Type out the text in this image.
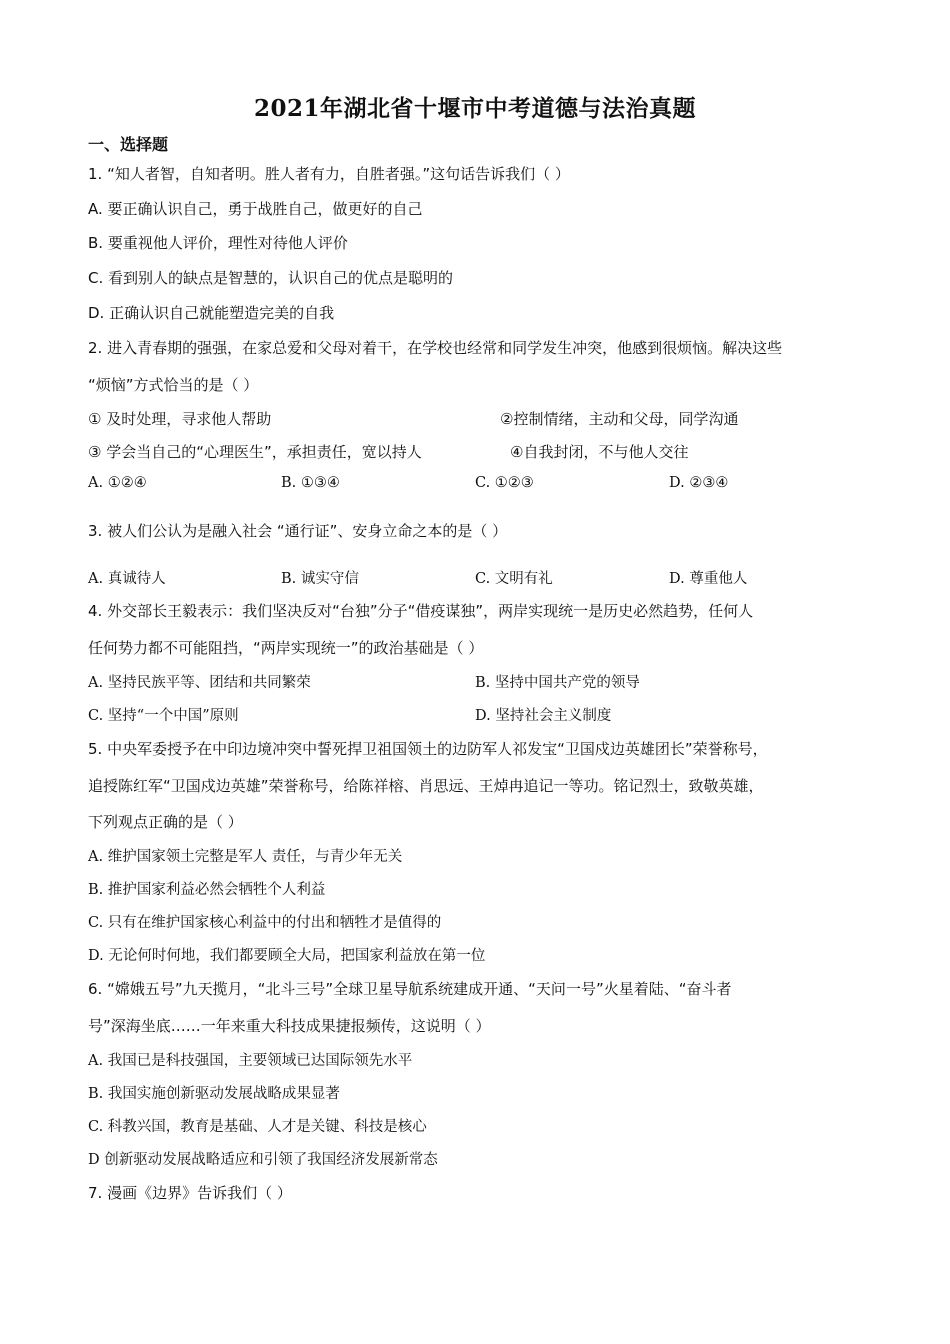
2021年湖北省十堰市中考道德与法治真题
一、选择题
1. “知人者智，自知者明。胜人者有力，自胜者强。”这句话告诉我们（ ）
A. 要正确认识自己，勇于战胜自己，做更好的自己
B. 要重视他人评价，理性对待他人评价
C. 看到别人的缺点是智慧的，认识自己的优点是聪明的
D. 正确认识自己就能塑造完美的自我
2. 进入青春期的强强，在家总爱和父母对着干，在学校也经常和同学发生冲突，他感到很烦恼。解决这些
“烦恼”方式恰当的是（ ）
① 及时处理，寻求他人帮助	②控制情绪，主动和父母，同学沟通
③ 学会当自己的“心理医生”，承担责任，宽以持人	④自我封闭，不与他人交往
A. ①②④	B. ①③④	C. ①②③	D. ②③④
3. 被人们公认为是融入社会 “通行证”、安身立命之本的是（ ）
A. 真诚待人	B. 诚实守信	C. 文明有礼	D. 尊重他人
4. 外交部长王毅表示：我们坚决反对“台独”分子“借疫谋独”，两岸实现统一是历史必然趋势，任何人
任何势力都不可能阻挡，“两岸实现统一”的政治基础是（ ）
A. 坚持民族平等、团结和共同繁荣	B. 坚持中国共产党的领导
C. 坚持“一个中国”原则	D. 坚持社会主义制度
5. 中央军委授予在中印边境冲突中誓死捍卫祖国领土的边防军人祁发宝“卫国戍边英雄团长”荣誉称号，
追授陈红军“卫国戍边英雄”荣誉称号，给陈祥榕、肖思远、王焯冉追记一等功。铭记烈士，致敬英雄，
下列观点正确的是（ ）
A. 维护国家领土完整是军人 责任，与青少年无关
B. 推护国家利益必然会牺牲个人利益
C. 只有在维护国家核心利益中的付出和牺牲才是值得的
D. 无论何时何地，我们都要顾全大局，把国家利益放在第一位
6. “嫦娥五号”九天揽月，“北斗三号”全球卫星导航系统建成开通、“天问一号”火星着陆、“奋斗者
号”深海坐底……一年来重大科技成果捷报频传，这说明（ ）
A. 我国已是科技强国，主要领域已达国际领先水平
B. 我国实施创新驱动发展战略成果显著
C. 科教兴国，教育是基础、人才是关键、科技是核心
D 创新驱动发展战略适应和引领了我国经济发展新常态
7. 漫画《边界》告诉我们（ ）
